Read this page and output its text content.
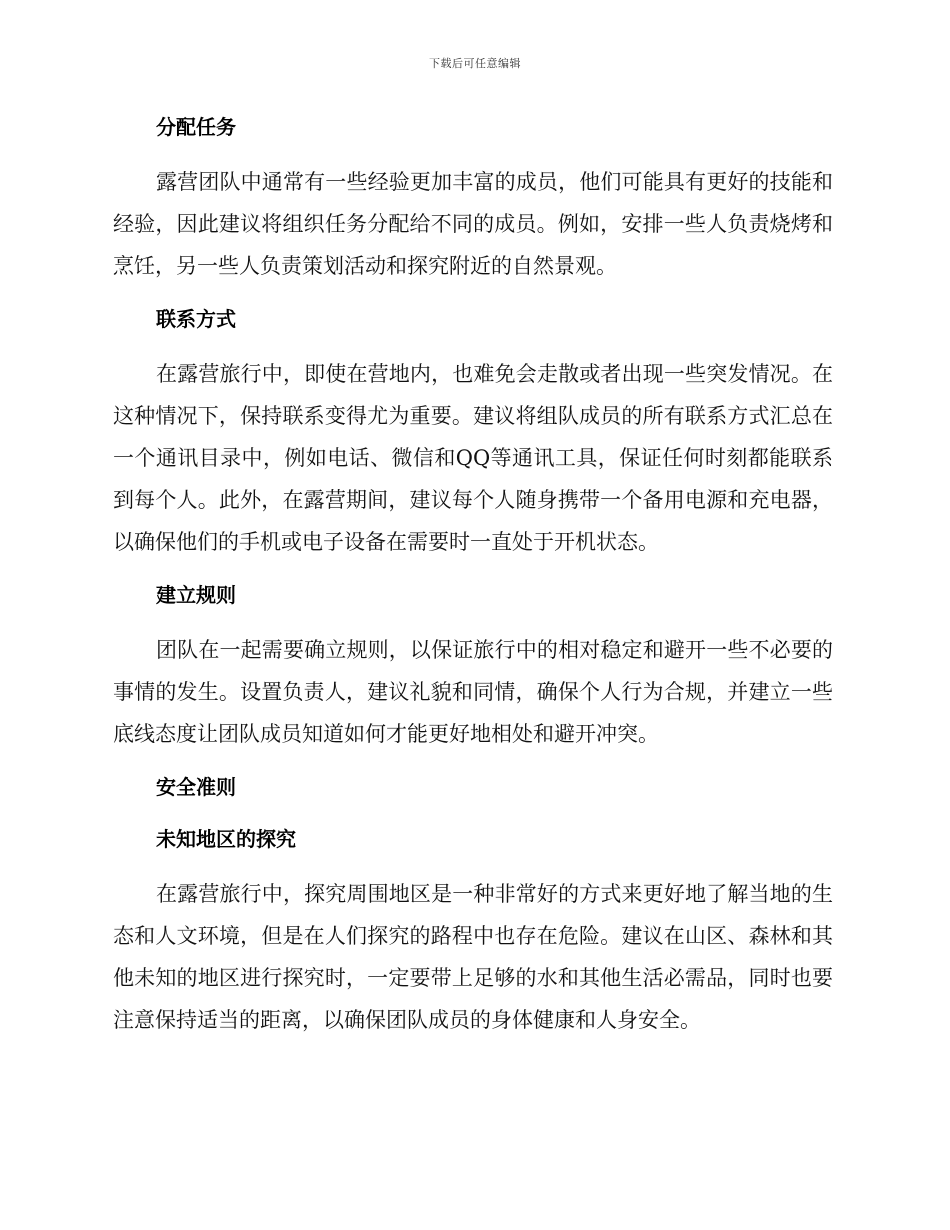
下载后可任意编辑
分配任务
露营团队中通常有一些经验更加丰富的成员，他们可能具有更好的技能和经验，因此建议将组织任务分配给不同的成员。例如，安排一些人负责烧烤和烹饪，另一些人负责策划活动和探究附近的自然景观。
联系方式
在露营旅行中，即使在营地内，也难免会走散或者出现一些突发情况。在这种情况下，保持联系变得尤为重要。建议将组队成员的所有联系方式汇总在一个通讯目录中，例如电话、微信和QQ等通讯工具，保证任何时刻都能联系到每个人。此外，在露营期间，建议每个人随身携带一个备用电源和充电器，以确保他们的手机或电子设备在需要时一直处于开机状态。
建立规则
团队在一起需要确立规则，以保证旅行中的相对稳定和避开一些不必要的事情的发生。设置负责人，建议礼貌和同情，确保个人行为合规，并建立一些底线态度让团队成员知道如何才能更好地相处和避开冲突。
安全准则
未知地区的探究
在露营旅行中，探究周围地区是一种非常好的方式来更好地了解当地的生态和人文环境，但是在人们探究的路程中也存在危险。建议在山区、森林和其他未知的地区进行探究时，一定要带上足够的水和其他生活必需品，同时也要注意保持适当的距离，以确保团队成员的身体健康和人身安全。
